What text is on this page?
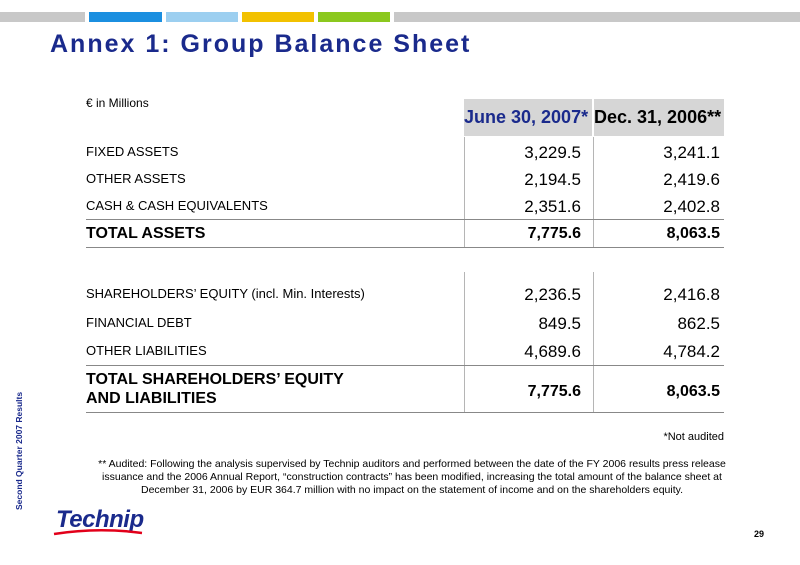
Annex 1: Group Balance Sheet
€ in Millions
June 30, 2007* Dec. 31, 2006**
FIXED ASSETS	3,229.5	3,241.1
OTHER ASSETS	2,194.5	2,419.6
CASH & CASH EQUIVALENTS	2,351.6	2,402.8
TOTAL ASSETS	7,775.6	8,063.5
SHAREHOLDERS’ EQUITY (incl. Min. Interests)	2,236.5	2,416.8
FINANCIAL DEBT	849.5	862.5
OTHER LIABILITIES	4,689.6	4,784.2
TOTAL SHAREHOLDERS’ EQUITY
AND LIABILITIES	7,775.6	8,063.5
*Not audited
** Audited: Following the analysis supervised by Technip auditors and performed between the date of the FY 2006 results press release issuance and the 2006 Annual Report, “construction contracts” has been modified, increasing the total amount of the balance sheet at December 31, 2006 by EUR 364.7 million with no impact on the statement of income and on the shareholders equity.
Second Quarter 2007 Results
Technip
29
